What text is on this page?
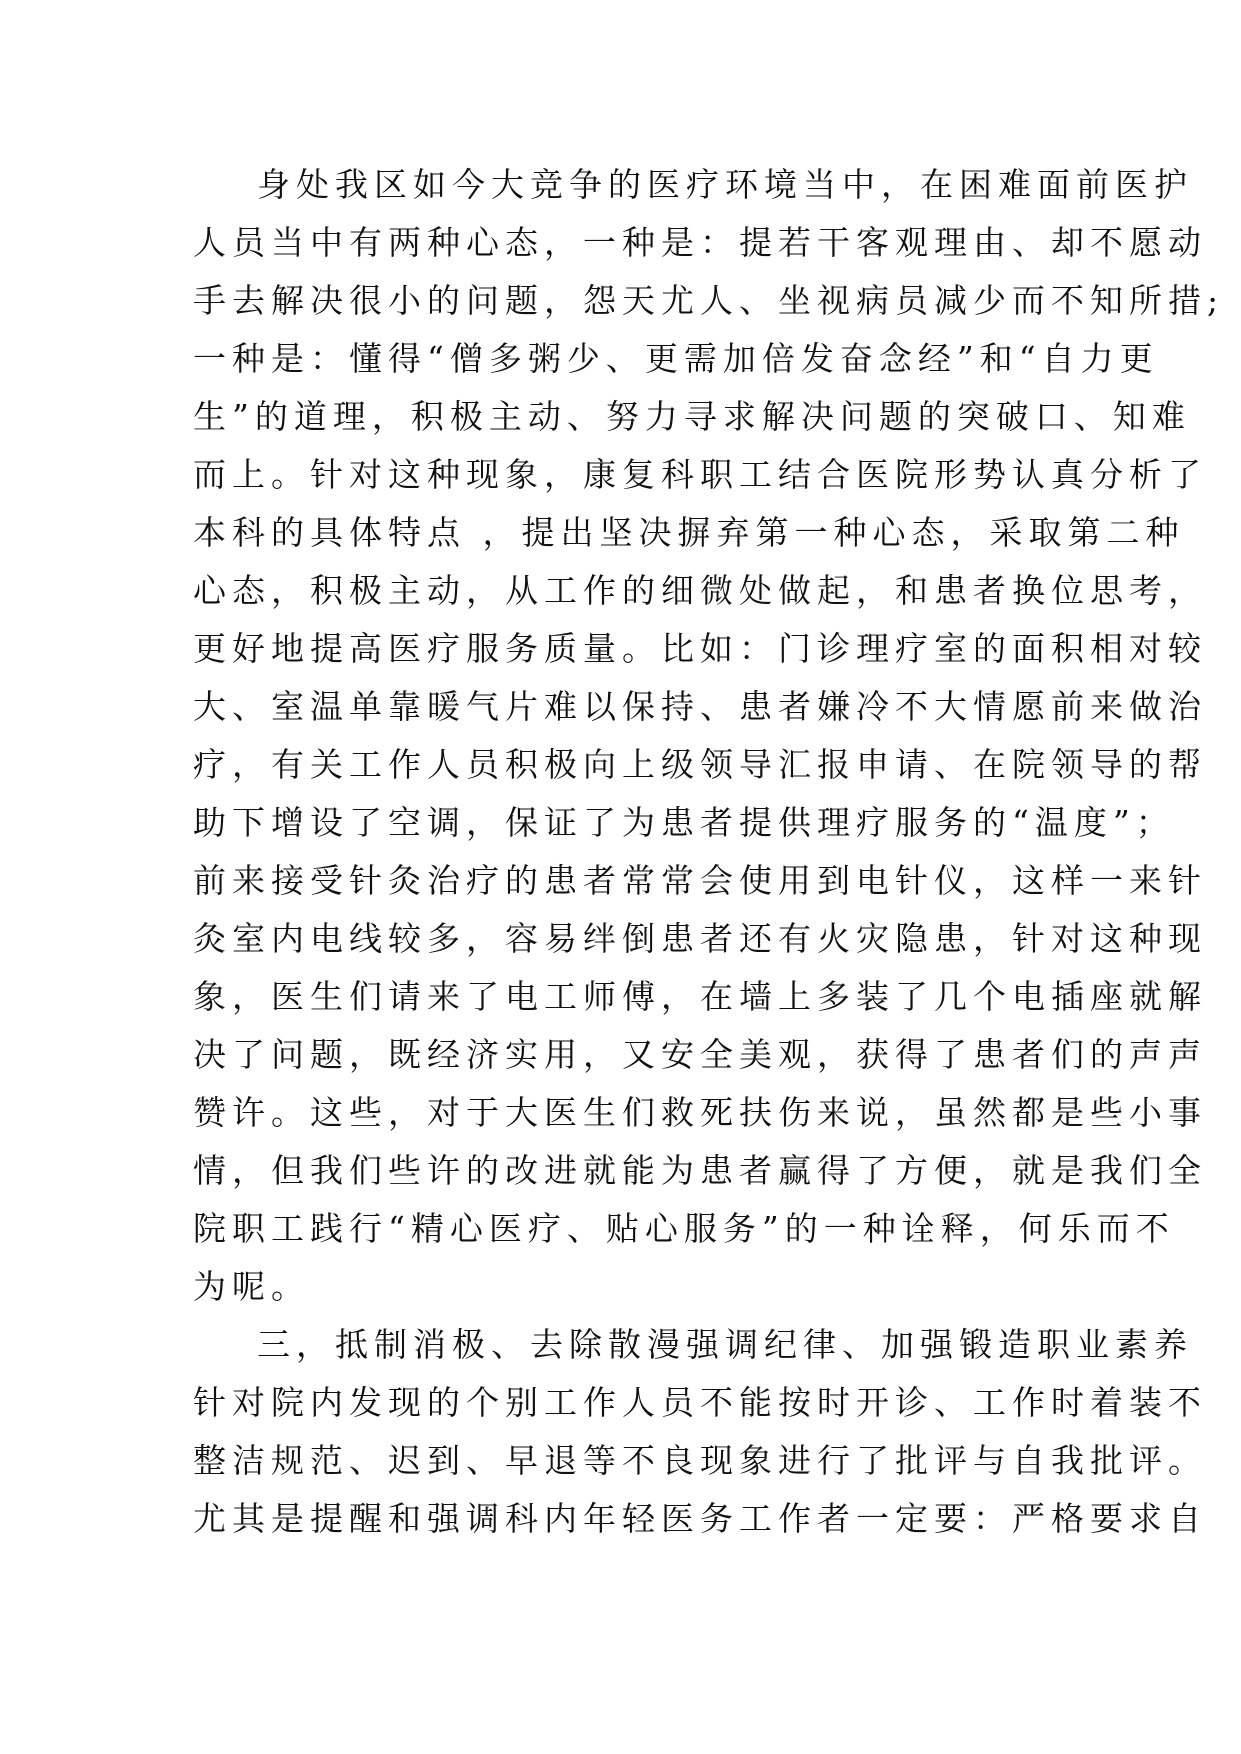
身处我区如今大竞争的医疗环境当中，在困难面前医护
人员当中有两种心态，一种是：提若干客观理由、却不愿动
手去解决很小的问题，怨天尤人、坐视病员减少而不知所措;
一种是：懂得“僧多粥少、更需加倍发奋念经”和“自力更
生”的道理，积极主动、努力寻求解决问题的突破口、知难
而上。针对这种现象，康复科职工结合医院形势认真分析了
本科的具体特点 ，提出坚决摒弃第一种心态，采取第二种
心态，积极主动，从工作的细微处做起，和患者换位思考，
更好地提高医疗服务质量。比如：门诊理疗室的面积相对较
大、室温单靠暖气片难以保持、患者嫌冷不大情愿前来做治
疗，有关工作人员积极向上级领导汇报申请、在院领导的帮
助下增设了空调，保证了为患者提供理疗服务的“温度”；
前来接受针灸治疗的患者常常会使用到电针仪，这样一来针
灸室内电线较多，容易绊倒患者还有火灾隐患，针对这种现
象，医生们请来了电工师傅，在墙上多装了几个电插座就解
决了问题，既经济实用，又安全美观，获得了患者们的声声
赞许。这些，对于大医生们救死扶伤来说，虽然都是些小事
情，但我们些许的改进就能为患者赢得了方便，就是我们全
院职工践行“精心医疗、贴心服务”的一种诠释，何乐而不
为呢。
三，抵制消极、去除散漫强调纪律、加强锻造职业素养
针对院内发现的个别工作人员不能按时开诊、工作时着装不
整洁规范、迟到、早退等不良现象进行了批评与自我批评。
尤其是提醒和强调科内年轻医务工作者一定要：严格要求自
